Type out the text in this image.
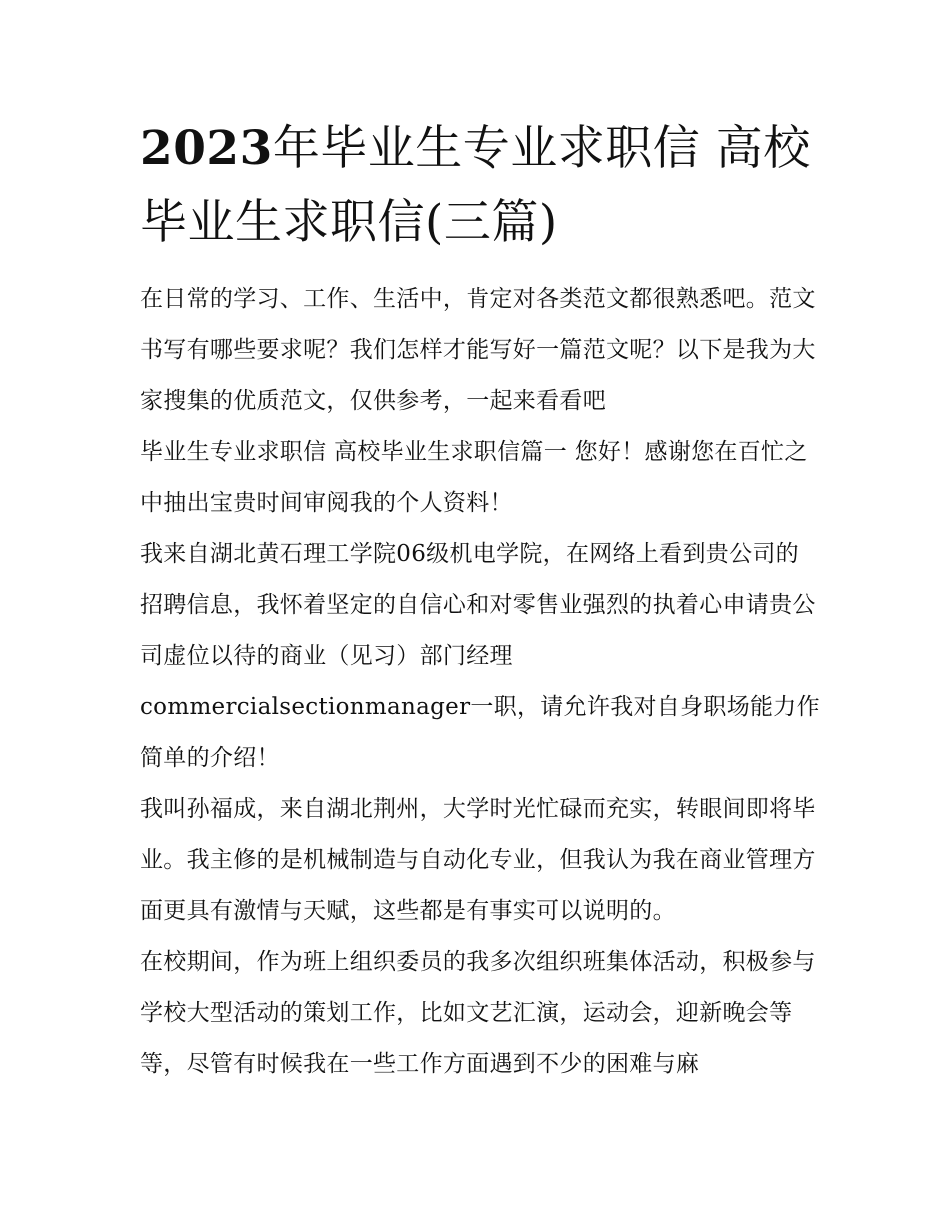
2023年毕业生专业求职信 高校毕业生求职信(三篇)

在日常的学习、工作、生活中，肯定对各类范文都很熟悉吧。范文书写有哪些要求呢？我们怎样才能写好一篇范文呢？以下是我为大家搜集的优质范文，仅供参考，一起来看看吧

毕业生专业求职信 高校毕业生求职信篇一 您好！感谢您在百忙之中抽出宝贵时间审阅我的个人资料！

我来自湖北黄石理工学院06级机电学院，在网络上看到贵公司的招聘信息，我怀着坚定的自信心和对零售业强烈的执着心申请贵公司虚位以待的商业（见习）部门经理

commercialsectionmanager一职，请允许我对自身职场能力作简单的介绍！

我叫孙福成，来自湖北荆州，大学时光忙碌而充实，转眼间即将毕业。我主修的是机械制造与自动化专业，但我认为我在商业管理方面更具有激情与天赋，这些都是有事实可以说明的。

在校期间，作为班上组织委员的我多次组织班集体活动，积极参与学校大型活动的策划工作，比如文艺汇演，运动会，迎新晚会等等，尽管有时候我在一些工作方面遇到不少的困难与麻
